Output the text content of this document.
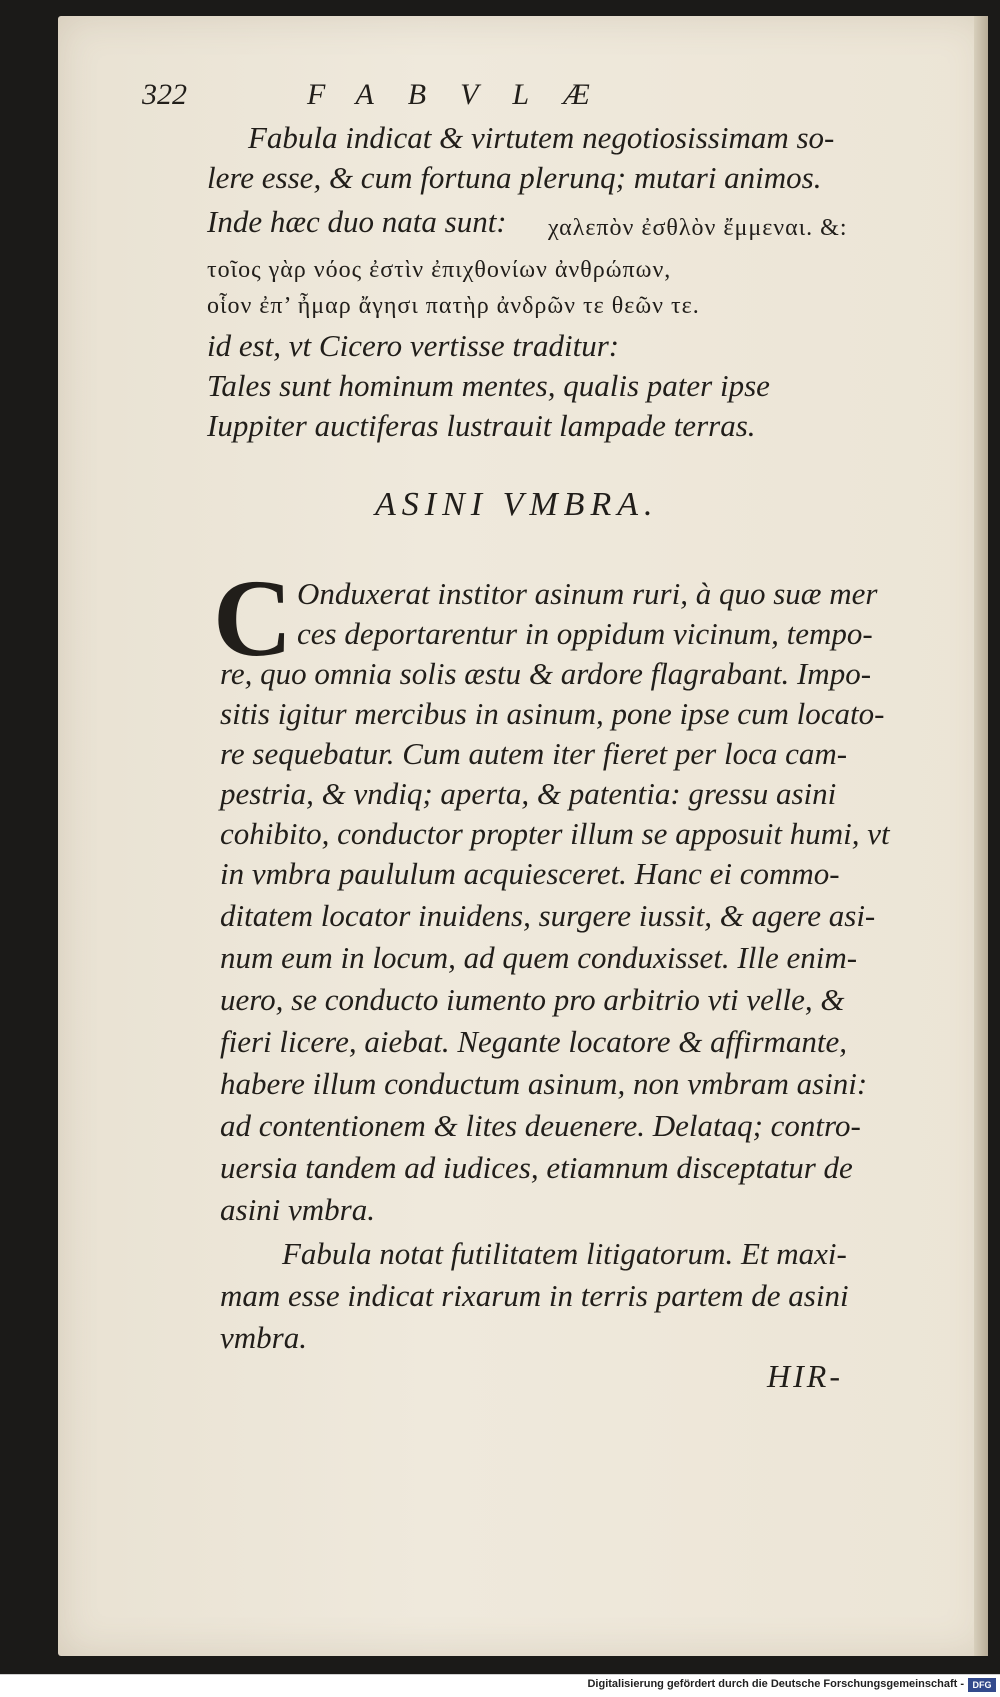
322	FABVLÆ
Fabula indicat & virtutem negotiosissimam so-
lere esse, & cum fortuna plerunq; mutari animos.
Inde hæc duo nata sunt: χαλεπὸν ἐσθλὸν ἔμμεναι. &:
τοῖος γὰρ νόος ἐστὶν ἐπιχθονίων ἀνθρώπων,
οἷον ἐπ’ ἦμαρ ἄγησι πατὴρ ἀνδρῶν τε θεῶν τε.
id est, vt Cicero vertisse traditur:
Tales sunt hominum mentes, qualis pater ipse
Iuppiter auctiferas lustrauit lampade terras.
ASINI VMBRA.
C Onduxerat institor asinum ruri, à quo suæ mer
ces deportarentur in oppidum vicinum, tempo-
re, quo omnia solis æstu & ardore flagrabant. Impo-
sitis igitur mercibus in asinum, pone ipse cum locato-
re sequebatur. Cum autem iter fieret per loca cam-
pestria, & vndiq; aperta, & patentia: gressu asini
cohibito, conductor propter illum se apposuit humi, vt
in vmbra paululum acquiesceret. Hanc ei commo-
ditatem locator inuidens, surgere iussit, & agere asi-
num eum in locum, ad quem conduxisset. Ille enim-
uero, se conducto iumento pro arbitrio vti velle, &
fieri licere, aiebat. Negante locatore & affirmante,
habere illum conductum asinum, non vmbram asini:
ad contentionem & lites deuenere. Delataq; contro-
uersia tandem ad iudices, etiamnum disceptatur de
asini vmbra.
Fabula notat futilitatem litigatorum. Et maxi-
mam esse indicat rixarum in terris partem de asini
vmbra.
HIR-
Digitalisierung gefördert durch die Deutsche Forschungsgemeinschaft - DFG
